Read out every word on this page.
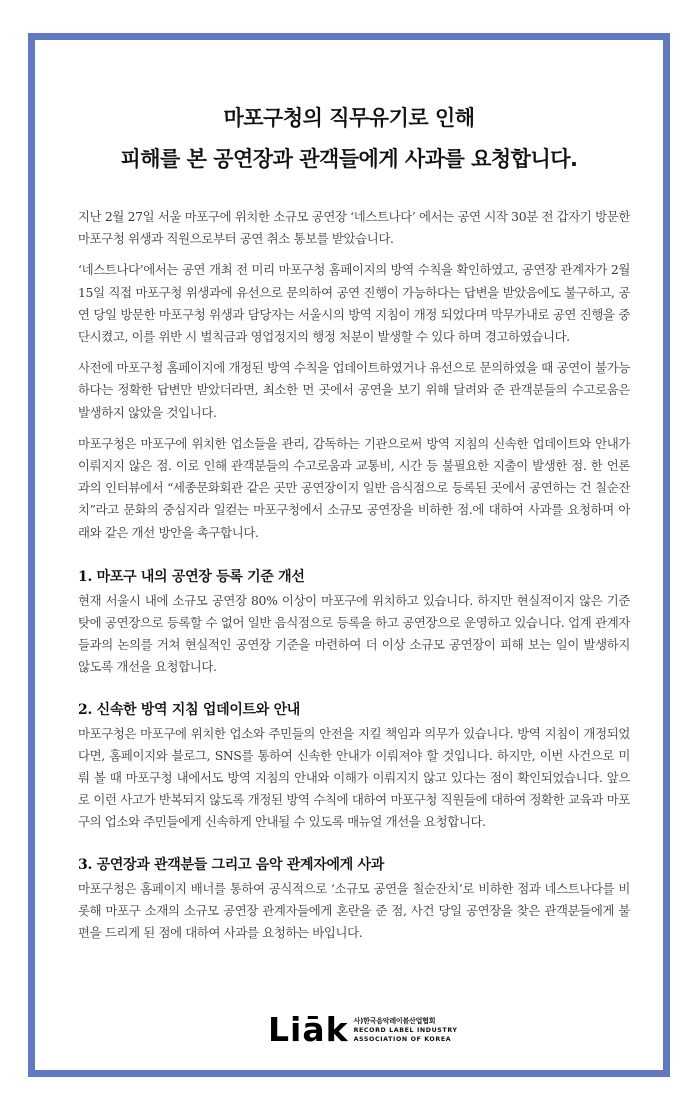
마포구청의 직무유기로 인해
피해를 본 공연장과 관객들에게 사과를 요청합니다.

지난 2월 27일 서울 마포구에 위치한 소규모 공연장 ‘네스트나다’ 에서는 공연 시작 30분 전 갑자기 방문한 마포구청 위생과 직원으로부터 공연 취소 통보를 받았습니다.

‘네스트나다’에서는 공연 개최 전 미리 마포구청 홈페이지의 방역 수칙을 확인하였고, 공연장 관계자가 2월 15일 직접 마포구청 위생과에 유선으로 문의하여 공연 진행이 가능하다는 답변을 받았음에도 불구하고, 공연 당일 방문한 마포구청 위생과 담당자는 서울시의 방역 지침이 개정 되었다며 막무가내로 공연 진행을 중단시켰고, 이를 위반 시 벌칙금과 영업정지의 행정 처분이 발생할 수 있다 하며 경고하였습니다.

사전에 마포구청 홈페이지에 개정된 방역 수칙을 업데이트하였거나 유선으로 문의하였을 때 공연이 불가능하다는 정확한 답변만 받았더라면, 최소한 먼 곳에서 공연을 보기 위해 달려와 준 관객분들의 수고로움은 발생하지 않았을 것입니다.

마포구청은 마포구에 위치한 업소들을 관리, 감독하는 기관으로써 방역 지침의 신속한 업데이트와 안내가 이뤄지지 않은 점. 이로 인해 관객분들의 수고로움과 교통비, 시간 등 불필요한 지출이 발생한 점. 한 언론과의 인터뷰에서 “세종문화회관 같은 곳만 공연장이지 일반 음식점으로 등록된 곳에서 공연하는 건 칠순잔치”라고 문화의 중심지라 일컫는 마포구청에서 소규모 공연장을 비하한 점.에 대하여 사과를 요청하며 아래와 같은 개선 방안을 촉구합니다.

1. 마포구 내의 공연장 등록 기준 개선

현재 서울시 내에 소규모 공연장 80% 이상이 마포구에 위치하고 있습니다. 하지만 현실적이지 않은 기준 탓에 공연장으로 등록할 수 없어 일반 음식점으로 등록을 하고 공연장으로 운영하고 있습니다. 업계 관계자들과의 논의를 거쳐 현실적인 공연장 기준을 마련하여 더 이상 소규모 공연장이 피해 보는 일이 발생하지 않도록 개선을 요청합니다.

2. 신속한 방역 지침 업데이트와 안내

마포구청은 마포구에 위치한 업소와 주민들의 안전을 지킬 책임과 의무가 있습니다. 방역 지침이 개정되었다면, 홈페이지와 블로그, SNS를 통하여 신속한 안내가 이뤄져야 할 것입니다. 하지만, 이번 사건으로 미뤄 볼 때 마포구청 내에서도 방역 지침의 안내와 이해가 이뤄지지 않고 있다는 점이 확인되었습니다. 앞으로 이런 사고가 반복되지 않도록 개정된 방역 수칙에 대하여 마포구청 직원들에 대하여 정확한 교육과 마포구의 업소와 주민들에게 신속하게 안내될 수 있도록 매뉴얼 개선을 요청합니다.

3. 공연장과 관객분들 그리고 음악 관계자에게 사과

마포구청은 홈페이지 배너를 통하여 공식적으로 ‘소규모 공연을 칠순잔치’로 비하한 점과 네스트나다를 비롯해 마포구 소재의 소규모 공연장 관계자들에게 혼란을 준 점, 사건 당일 공연장을 찾은 관객분들에게 불편을 드리게 된 점에 대하여 사과를 요청하는 바입니다.

Liāk 사)한국음악레이블산업협회
RECORD LABEL INDUSTRY
ASSOCIATION OF KOREA
